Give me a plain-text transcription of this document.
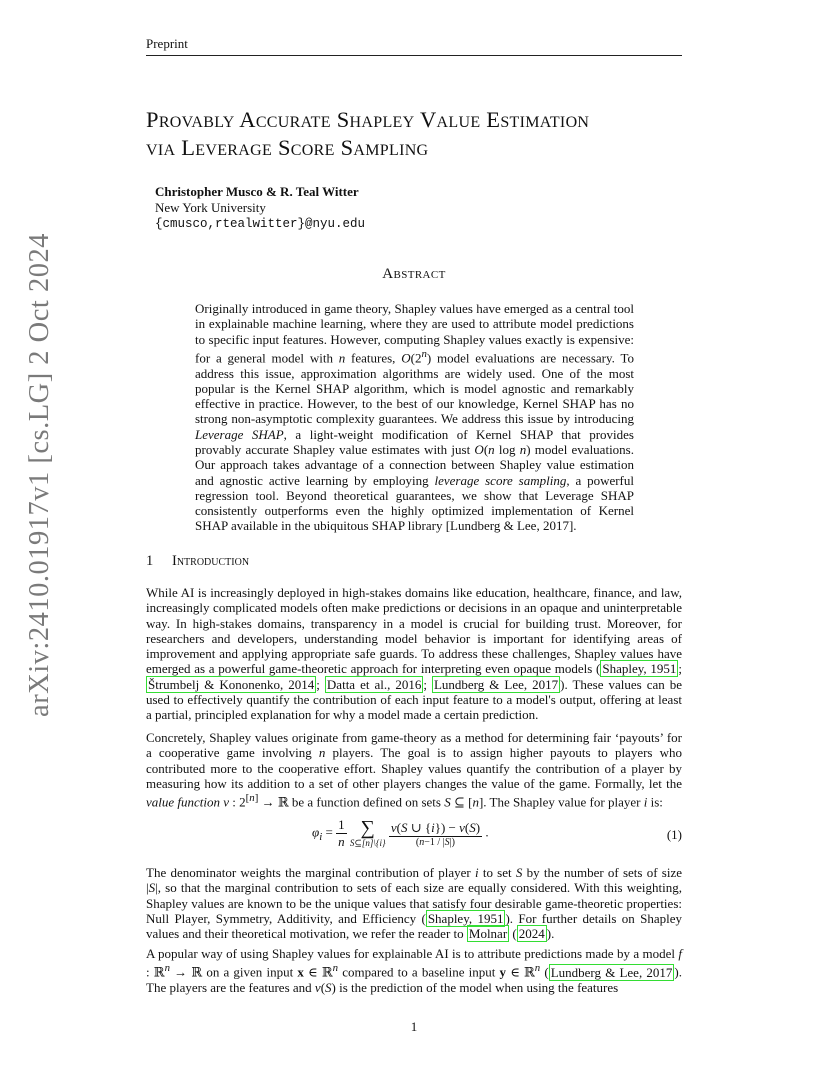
Preprint
arXiv:2410.01917v1 [cs.LG] 2 Oct 2024
Provably Accurate Shapley Value Estimation
via Leverage Score Sampling
Christopher Musco & R. Teal Witter
New York University
{cmusco,rtealwitter}@nyu.edu
Abstract
Originally introduced in game theory, Shapley values have emerged as a central tool in explainable machine learning, where they are used to attribute model predictions to specific input features. However, computing Shapley values exactly is expensive: for a general model with n features, O(2$^n$) model evaluations are necessary. To address this issue, approximation algorithms are widely used. One of the most popular is the Kernel SHAP algorithm, which is model agnostic and remarkably effective in practice. However, to the best of our knowledge, Kernel SHAP has no strong non-asymptotic complexity guarantees. We address this issue by introducing Leverage SHAP, a light-weight modification of Kernel SHAP that provides provably accurate Shapley value estimates with just O(n log n) model evaluations. Our approach takes advantage of a connection between Shapley value estimation and agnostic active learning by employing leverage score sampling, a powerful regression tool. Beyond theoretical guarantees, we show that Leverage SHAP consistently outperforms even the highly optimized implementation of Kernel SHAP available in the ubiquitous SHAP library [Lundberg & Lee, 2017].
1 Introduction
While AI is increasingly deployed in high-stakes domains like education, healthcare, finance, and law, increasingly complicated models often make predictions or decisions in an opaque and uninterpretable way. In high-stakes domains, transparency in a model is crucial for building trust. Moreover, for researchers and developers, understanding model behavior is important for identifying areas of improvement and applying appropriate safe guards. To address these challenges, Shapley values have emerged as a powerful game-theoretic approach for interpreting even opaque models ( Shapley, 1951 ; Štrumbelj & Kononenko, 2014 ; Datta et al., 2016 ; Lundberg & Lee, 2017 ). These values can be used to effectively quantify the contribution of each input feature to a model's output, offering at least a partial, principled explanation for why a model made a certain prediction.
Concretely, Shapley values originate from game-theory as a method for determining fair ‘payouts’ for a cooperative game involving n players. The goal is to assign higher payouts to players who contributed more to the cooperative effort. Shapley values quantify the contribution of a player by measuring how its addition to a set of other players changes the value of the game. Formally, let the value function v : 2[n] → ℝ be a function defined on sets S ⊆ [n]. The Shapley value for player i is:
$\varphi_i = \frac{1}{n}$
∑
S⊆[n]\{i}
$\frac{v(S \cup \{i\}) - v(S)}{(n-1 / |S|)}$ .	(1)
The denominator weights the marginal contribution of player i to set S by the number of sets of size |S|, so that the marginal contribution to sets of each size are equally considered. With this weighting, Shapley values are known to be the unique values that satisfy four desirable game-theoretic properties: Null Player, Symmetry, Additivity, and Efficiency ( Shapley, 1951 ). For further details on Shapley values and their theoretical motivation, we refer the reader to Molnar ( 2024 ).
A popular way of using Shapley values for explainable AI is to attribute predictions made by a model f : ℝ$^n$ → ℝ on a given input x ∈ ℝ$^n$ compared to a baseline input y ∈ ℝ$^n$ ( Lundberg & Lee, 2017 ). The players are the features and v(S) is the prediction of the model when using the features
1
